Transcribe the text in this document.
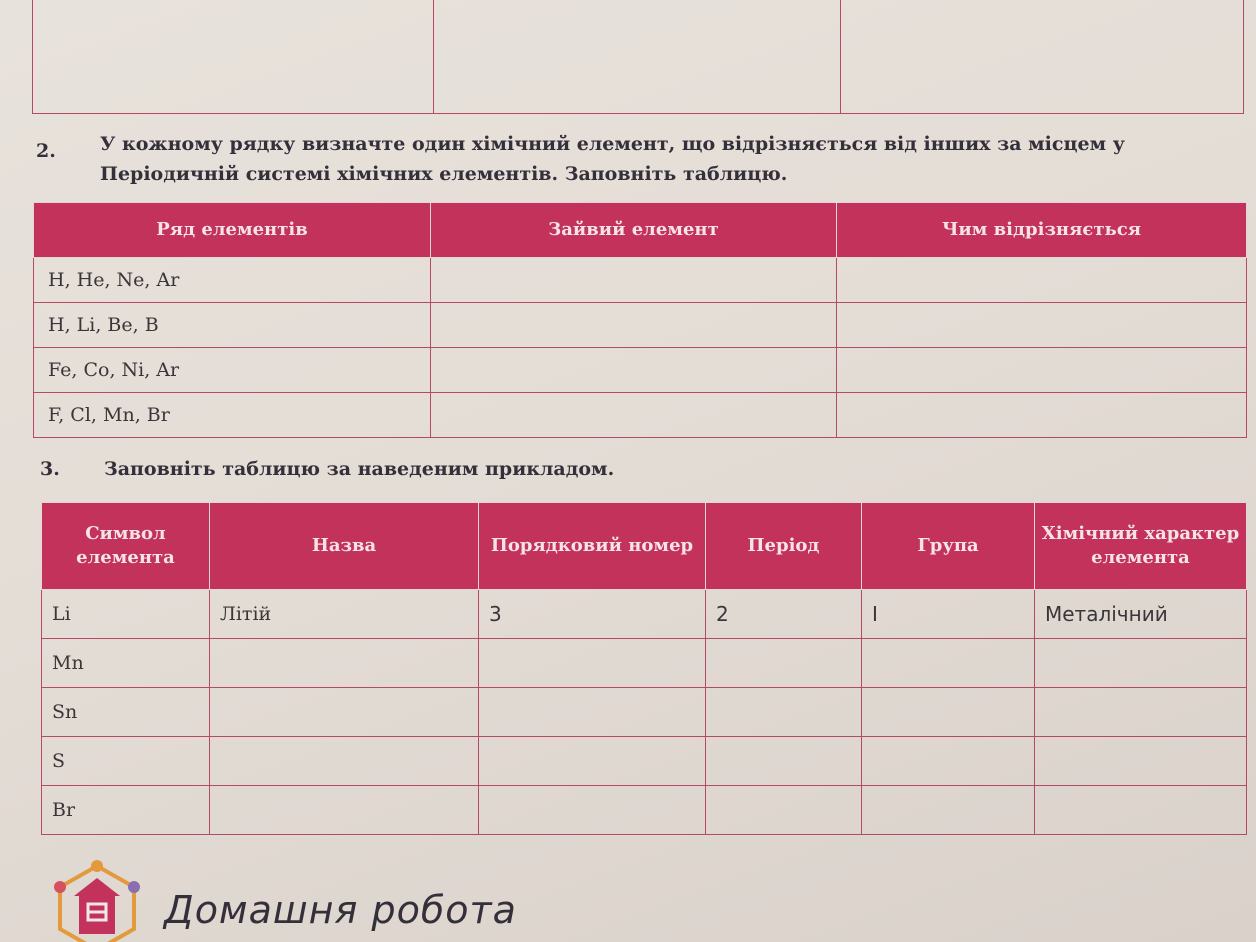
2. У кожному рядку визначте один хімічний елемент, що відрізняється від інших за місцем у Періодичній системі хімічних елементів. Заповніть таблицю.
Ряд елементів	Зайвий елемент	Чим відрізняється
H, He, Ne, Ar		
H, Li, Be, B		
Fe, Co, Ni, Ar		
F, Cl, Mn, Br		
3. Заповніть таблицю за наведеним прикладом.
Символ елемента	Назва	Порядковий номер	Період	Група	Хімічний характер елемента
Li	Літій	3	2	I	Металічний
Mn					
Sn					
S					
Br					
Домашня робота
